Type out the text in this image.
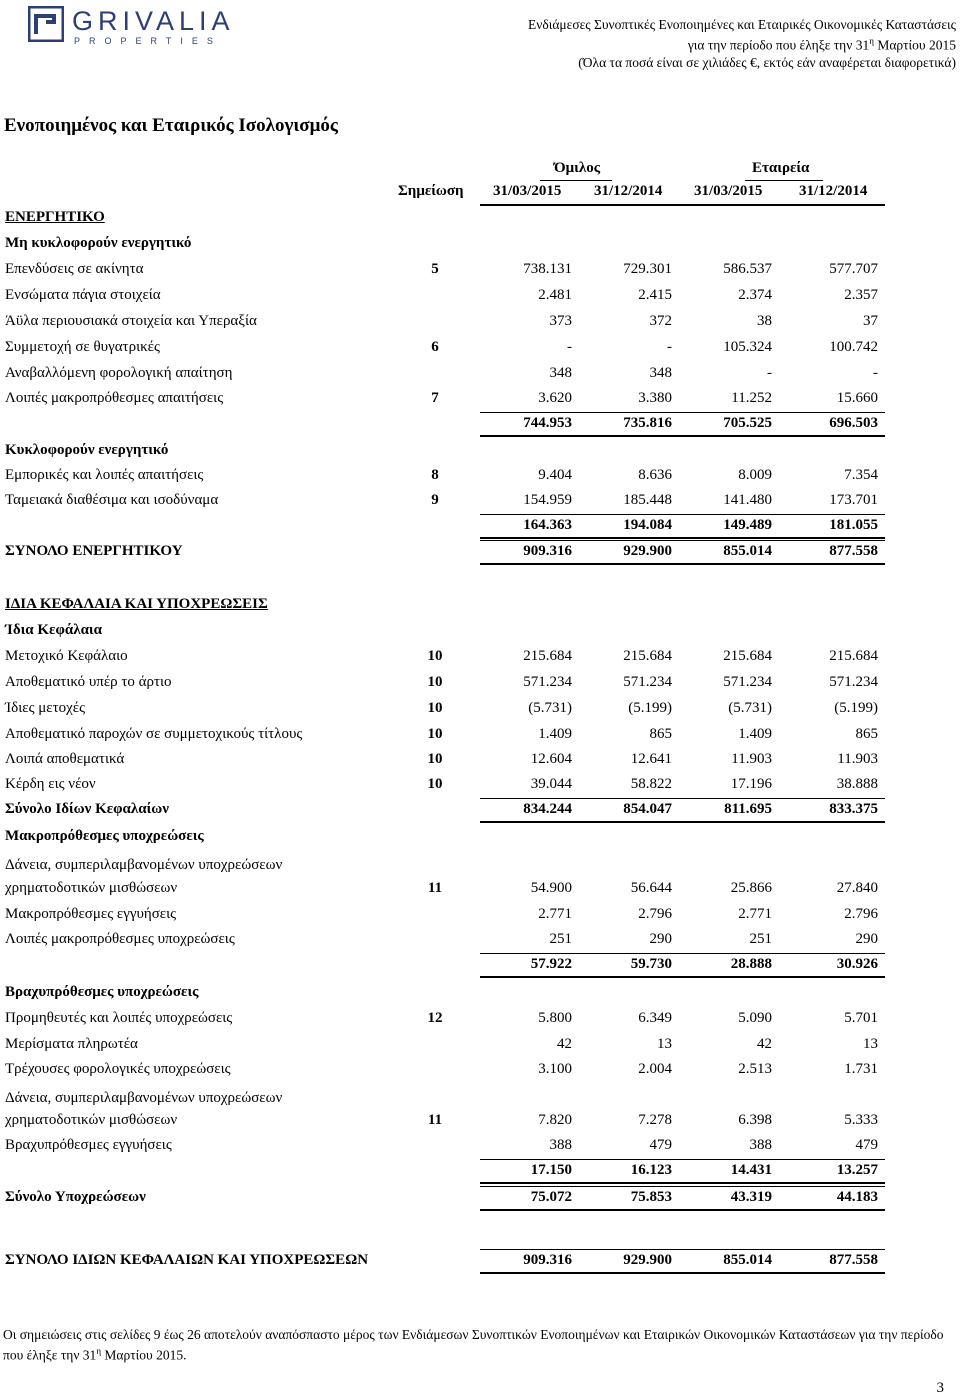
GRIVALIA
PROPERTIES
Ενδιάμεσες Συνοπτικές Ενοποιημένες και Εταιρικές Οικονομικές Καταστάσεις
για την περίοδο που έληξε την $31^\eta$ Μαρτίου 2015
(Όλα τα ποσά είναι σε χιλιάδες €, εκτός εάν αναφέρεται διαφορετικά)
Ενοποιημένος και Εταιρικός Ισολογισμός
Όμιλος	Εταιρεία
Σημείωση 31/03/2015 31/12/2014 31/03/2015 31/12/2014
ΕΝΕΡΓΗΤΙΚΟ
Μη κυκλοφορούν ενεργητικό
Επενδύσεις σε ακίνητα	5	738.131	729.301	586.537	577.707
Ενσώματα πάγια στοιχεία	2.481	2.415	2.374	2.357
Άϋλα περιουσιακά στοιχεία και Υπεραξία	373	372	38	37
Συμμετοχή σε θυγατρικές	6	-	-	105.324	100.742
Αναβαλλόμενη φορολογική απαίτηση	348	348	-	-
Λοιπές μακροπρόθεσμες απαιτήσεις	7	3.620	3.380	11.252	15.660
744.953	735.816	705.525	696.503
Κυκλοφορούν ενεργητικό
Εμπορικές και λοιπές απαιτήσεις	8	9.404	8.636	8.009	7.354
Ταμειακά διαθέσιμα και ισοδύναμα	9	154.959	185.448	141.480	173.701
164.363	194.084	149.489	181.055
ΣΥΝΟΛΟ ΕΝΕΡΓΗΤΙΚΟΥ	909.316	929.900	855.014	877.558
ΙΔΙΑ ΚΕΦΑΛΑΙΑ ΚΑΙ ΥΠΟΧΡΕΩΣΕΙΣ
Ίδια Κεφάλαια
Μετοχικό Κεφάλαιο	10	215.684	215.684	215.684	215.684
Αποθεματικό υπέρ το άρτιο	10	571.234	571.234	571.234	571.234
Ίδιες μετοχές	10	(5.731)	(5.199)	(5.731)	(5.199)
Αποθεματικό παροχών σε συμμετοχικούς τίτλους	10	1.409	865	1.409	865
Λοιπά αποθεματικά	10	12.604	12.641	11.903	11.903
Κέρδη εις νέον	10	39.044	58.822	17.196	38.888
Σύνολο Ιδίων Κεφαλαίων	834.244	854.047	811.695	833.375
Μακροπρόθεσμες υποχρεώσεις
Δάνεια, συμπεριλαμβανομένων υποχρεώσεων
χρηματοδοτικών μισθώσεων	11	54.900	56.644	25.866	27.840
Μακροπρόθεσμες εγγυήσεις	2.771	2.796	2.771	2.796
Λοιπές μακροπρόθεσμες υποχρεώσεις	251	290	251	290
57.922	59.730	28.888	30.926
Βραχυπρόθεσμες υποχρεώσεις
Προμηθευτές και λοιπές υποχρεώσεις	12	5.800	6.349	5.090	5.701
Μερίσματα πληρωτέα	42	13	42	13
Τρέχουσες φορολογικές υποχρεώσεις	3.100	2.004	2.513	1.731
Δάνεια, συμπεριλαμβανομένων υποχρεώσεων
χρηματοδοτικών μισθώσεων	11	7.820	7.278	6.398	5.333
Βραχυπρόθεσμες εγγυήσεις	388	479	388	479
17.150	16.123	14.431	13.257
Σύνολο Υποχρεώσεων	75.072	75.853	43.319	44.183
ΣΥΝΟΛΟ ΙΔΙΩΝ ΚΕΦΑΛΑΙΩΝ ΚΑΙ ΥΠΟΧΡΕΩΣΕΩΝ	909.316	929.900	855.014	877.558
Οι σημειώσεις στις σελίδες 9 έως 26 αποτελούν αναπόσπαστο μέρος των Ενδιάμεσων Συνοπτικών Ενοποιημένων και Εταιρικών Οικονομικών Καταστάσεων για την περίοδο που έληξε την $31^\eta$ Μαρτίου 2015.
3
